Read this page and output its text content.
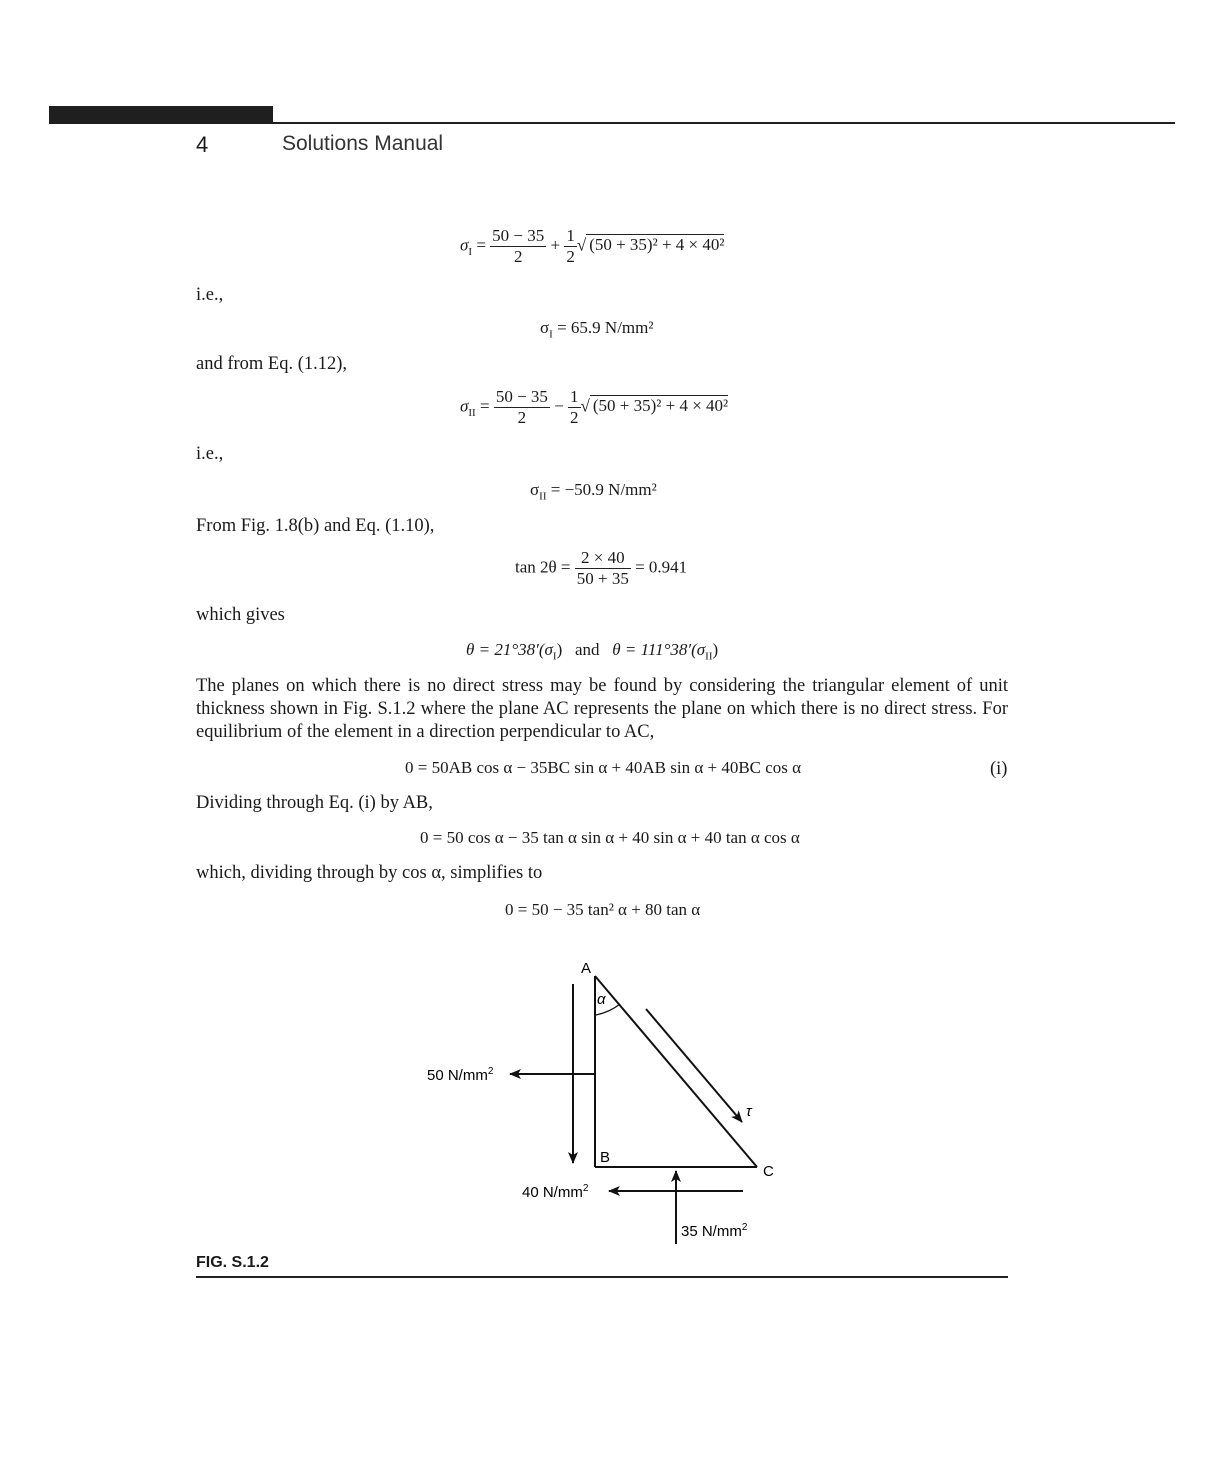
4	Solutions Manual
$\sigma_I = \frac{50 - 35}{2} + \frac{1}{2}$ √ (50 + 35)² + 4 × 40²
i.e.,
$\sigma_I = 65.9$ N/mm²
and from Eq. (1.12),
$\sigma_{II} = \frac{50 - 35}{2} - \frac{1}{2}$ √ (50 + 35)² + 4 × 40²
i.e.,
$\sigma_{II} = -50.9$ N/mm²
From Fig. 1.8(b) and Eq. (1.10),
$\tan 2\theta = \frac{2 \times 40}{50 + 35} = 0.941$
which gives
$\theta = 21^\circ 38'(\sigma_I)$   and $\theta = 111^\circ 38'(\sigma_{II})$
The planes on which there is no direct stress may be found by considering the triangular element of unit thickness shown in Fig. S.1.2 where the plane AC represents the plane on which there is no direct stress. For equilibrium of the element in a direction perpendicular to AC,
0 = 50AB cos α − 35BC sin α + 40AB sin α + 40BC cos α	(i)
Dividing through Eq. (i) by AB,
0 = 50 cos α − 35 tan α sin α + 40 sin α + 40 tan α cos α
which, dividing through by cos α, simplifies to
0 = 50 − 35 tan² α + 80 tan α
A
B
C
α
τ
50 $N/mm^2$
40 $N/mm^2$
35 $N/mm^2$
FIG. S.1.2
